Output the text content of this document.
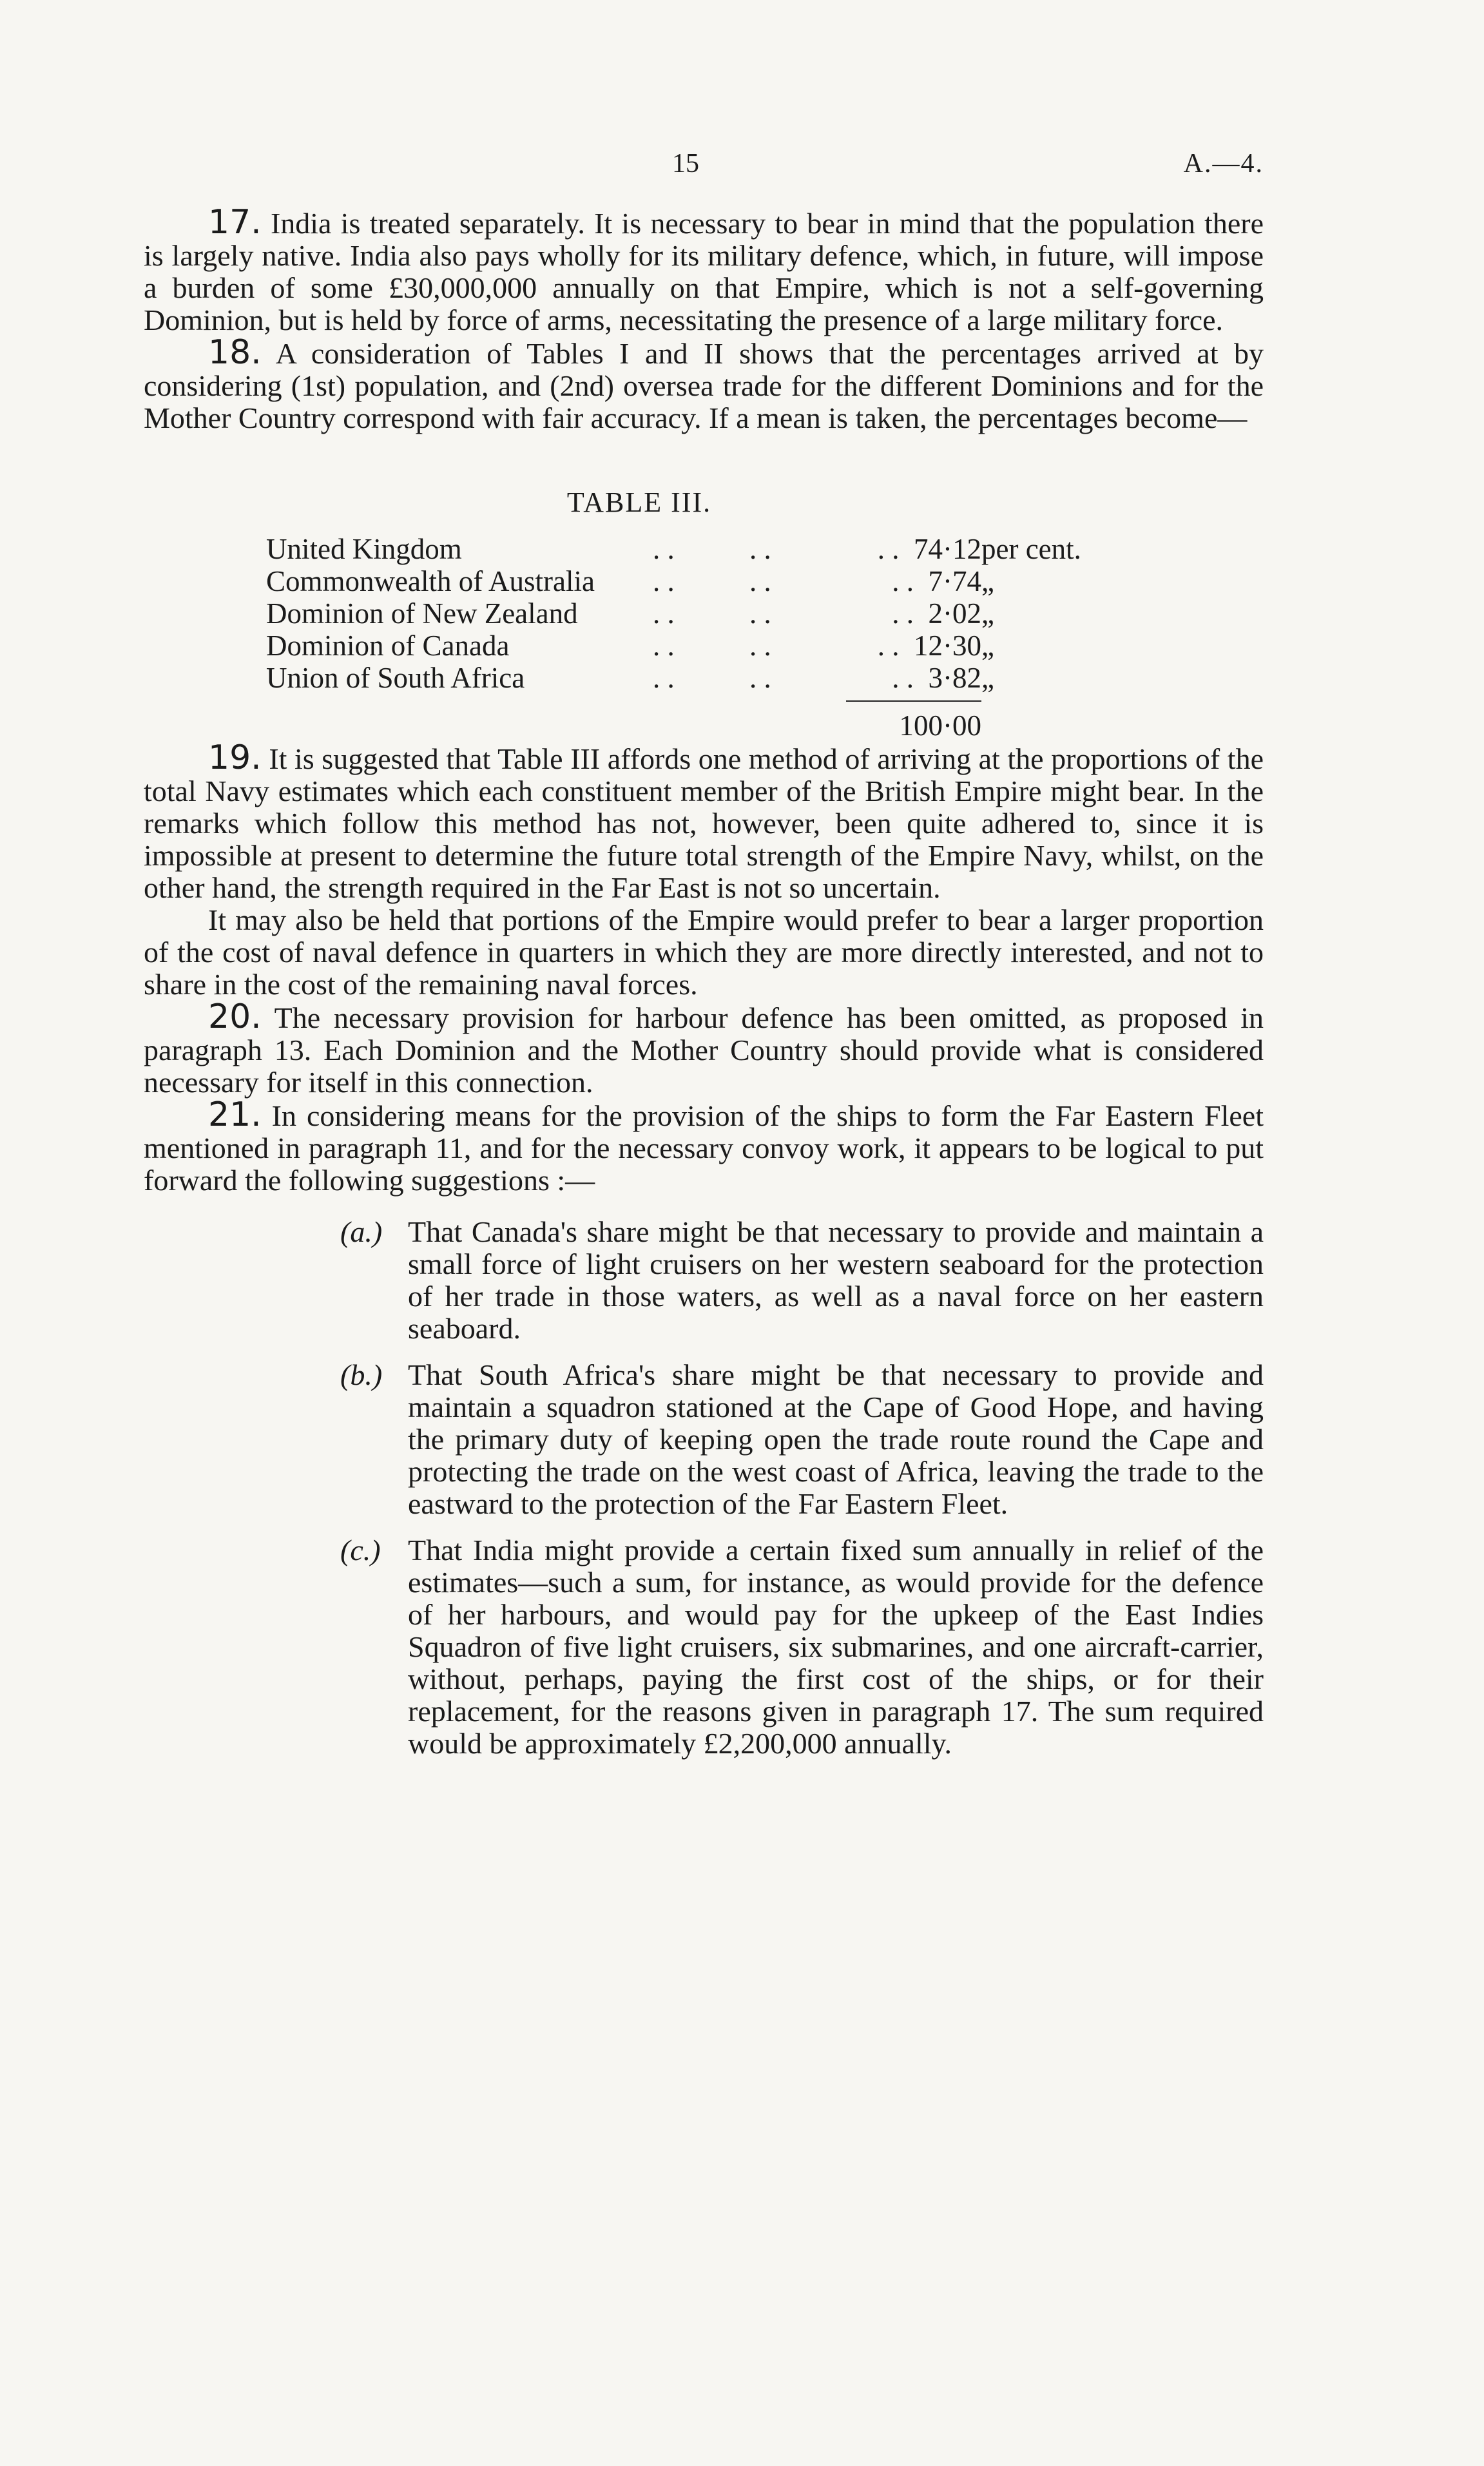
15	A.—4.

17. India is treated separately. It is necessary to bear in mind that the population there is largely native. India also pays wholly for its military defence, which, in future, will impose a burden of some £30,000,000 annually on that Empire, which is not a self-governing Dominion, but is held by force of arms, necessitating the presence of a large military force.

18. A consideration of Tables I and II shows that the percentages arrived at by considering (1st) population, and (2nd) oversea trade for the different Dominions and for the Mother Country correspond with fair accuracy. If a mean is taken, the percentages become—

TABLE III.
United Kingdom	. .	. .	. . 74·12	per cent.
Commonwealth of Australia	. .	. .	. . 7·74	„
Dominion of New Zealand	. .	. .	. . 2·02	„
Dominion of Canada	. .	. .	. . 12·30	„
Union of South Africa	. .	. .	. . 3·82	„

			100·00	

19. It is suggested that Table III affords one method of arriving at the proportions of the total Navy estimates which each constituent member of the British Empire might bear. In the remarks which follow this method has not, however, been quite adhered to, since it is impossible at present to determine the future total strength of the Empire Navy, whilst, on the other hand, the strength required in the Far East is not so uncertain.

It may also be held that portions of the Empire would prefer to bear a larger proportion of the cost of naval defence in quarters in which they are more directly interested, and not to share in the cost of the remaining naval forces.

20. The necessary provision for harbour defence has been omitted, as proposed in paragraph 13. Each Dominion and the Mother Country should provide what is considered necessary for itself in this connection.

21. In considering means for the provision of the ships to form the Far Eastern Fleet mentioned in paragraph 11, and for the necessary convoy work, it appears to be logical to put forward the following suggestions :—

(a.) That Canada's share might be that necessary to provide and maintain a small force of light cruisers on her western seaboard for the protection of her trade in those waters, as well as a naval force on her eastern seaboard.
(b.) That South Africa's share might be that necessary to provide and maintain a squadron stationed at the Cape of Good Hope, and having the primary duty of keeping open the trade route round the Cape and protecting the trade on the west coast of Africa, leaving the trade to the eastward to the protection of the Far Eastern Fleet.
(c.) That India might provide a certain fixed sum annually in relief of the estimates—such a sum, for instance, as would provide for the defence of her harbours, and would pay for the upkeep of the East Indies Squadron of five light cruisers, six submarines, and one aircraft-carrier, without, perhaps, paying the first cost of the ships, or for their replacement, for the reasons given in paragraph 17. The sum required would be approximately £2,200,000 annually.
